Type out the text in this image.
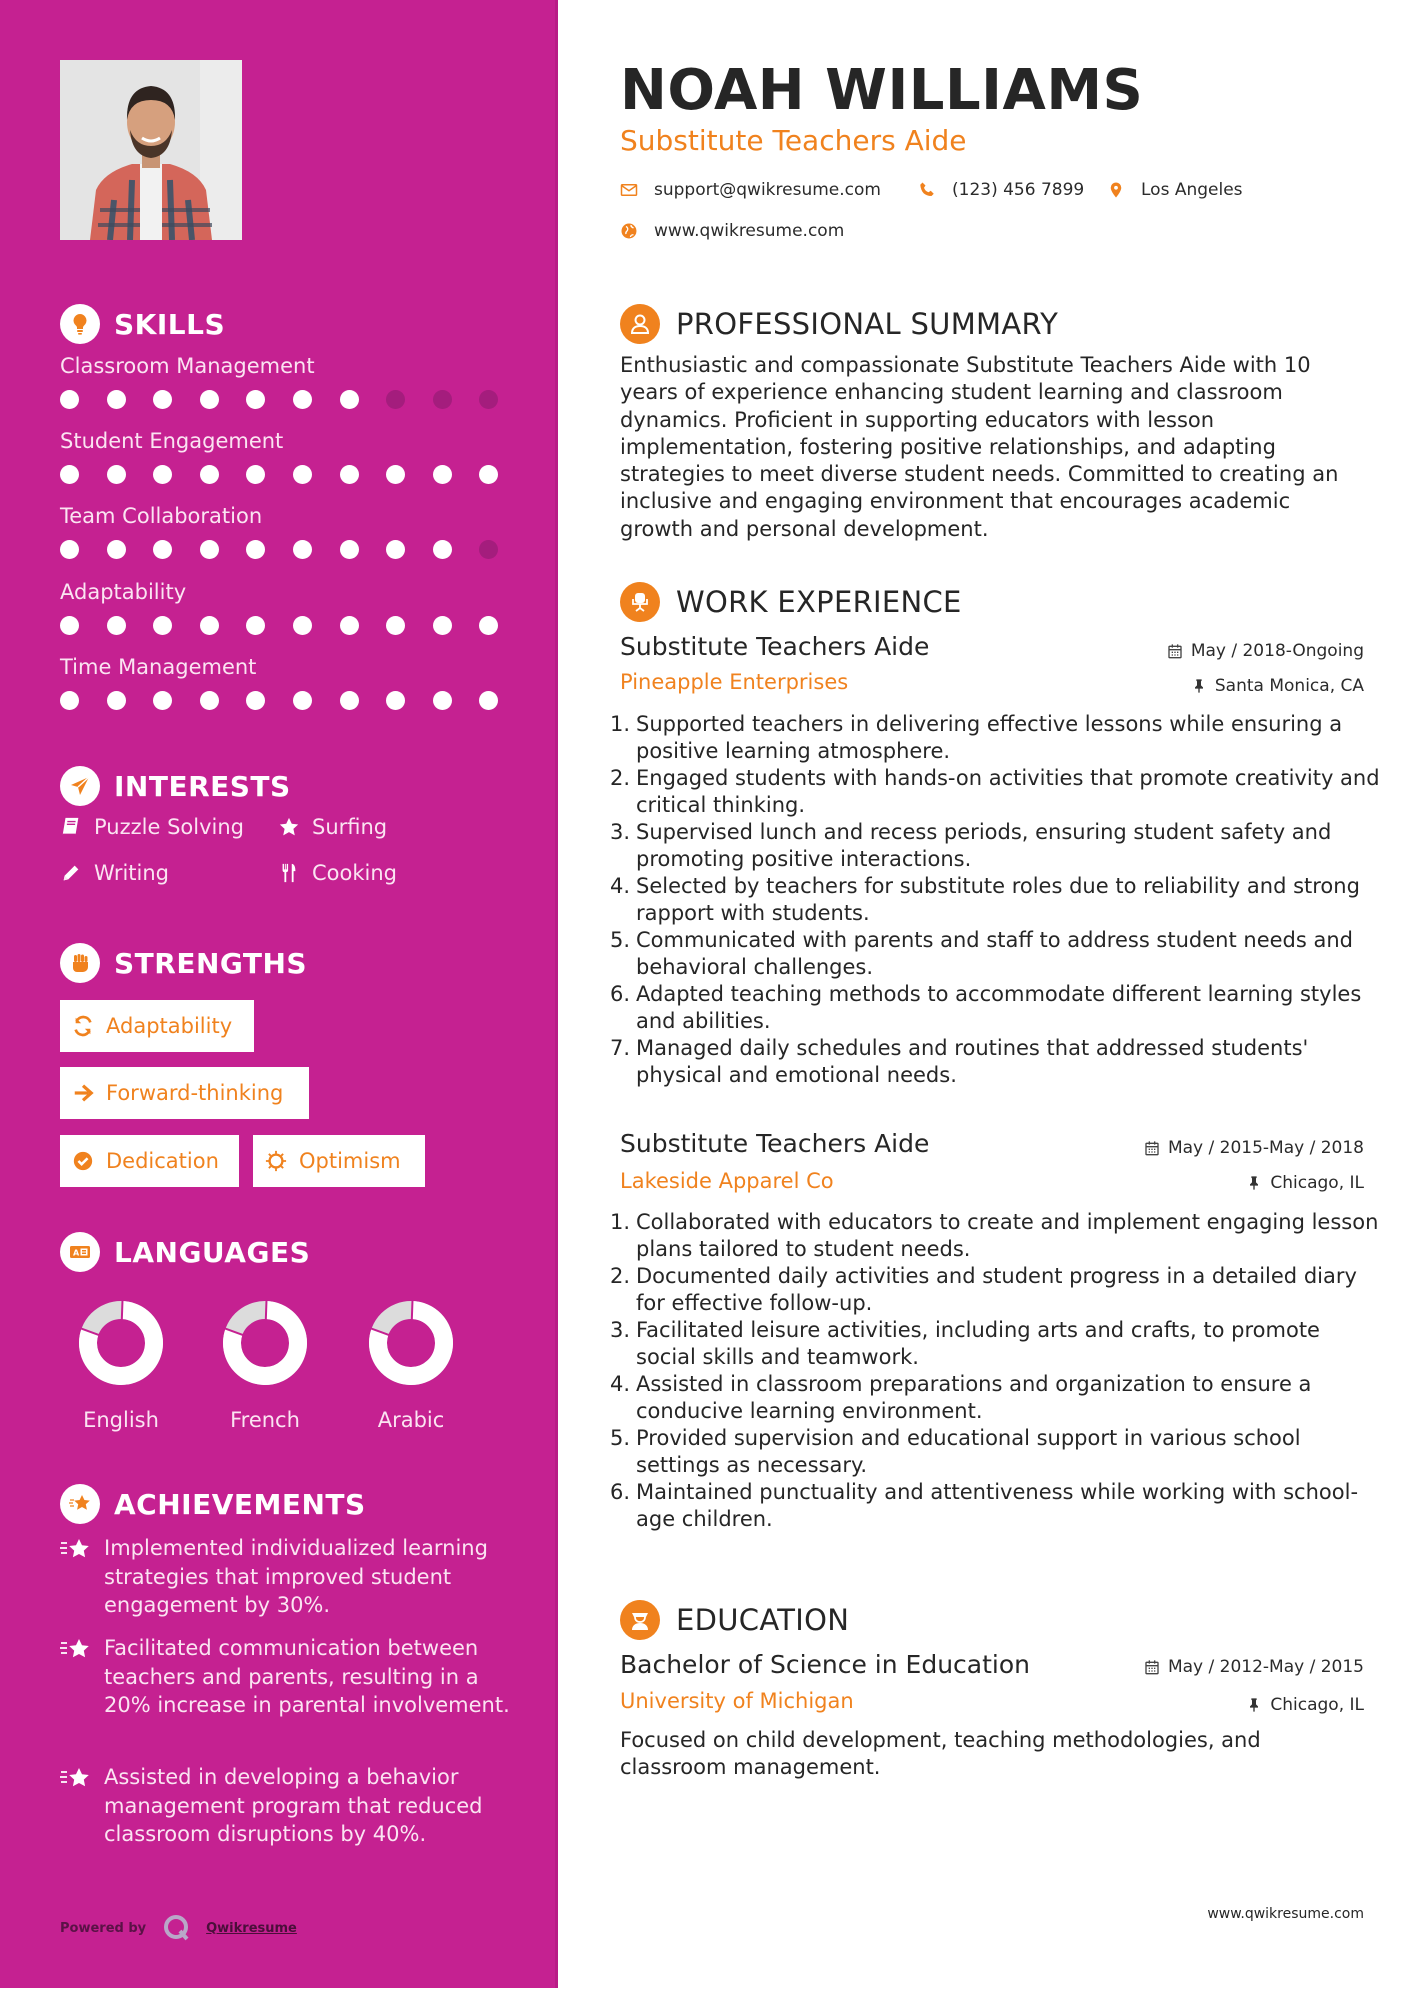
SKILLS
Classroom Management
Student Engagement
Team Collaboration
Adaptability
Time Management
INTERESTS
Puzzle Solving	Surfing
Writing	Cooking
STRENGTHS
Adaptability
Forward-thinking
Dedication	Optimism
A LANGUAGES
English	French	Arabic
ACHIEVEMENTS
Implemented individualized learning strategies that improved student engagement by 30%.
Facilitated communication between teachers and parents, resulting in a 20% increase in parental involvement.
Assisted in developing a behavior management program that reduced classroom disruptions by 40%.
Powered by	Qwikresume
NOAH WILLIAMS
Substitute Teachers Aide
support@qwikresume.com	(123) 456 7899	Los Angeles
www.qwikresume.com
PROFESSIONAL SUMMARY

Enthusiastic and compassionate Substitute Teachers Aide with 10 years of experience enhancing student learning and classroom dynamics. Proficient in supporting educators with lesson implementation, fostering positive relationships, and adapting strategies to meet diverse student needs. Committed to creating an inclusive and engaging environment that encourages academic growth and personal development.

WORK EXPERIENCE
Substitute Teachers Aide	May / 2018-Ongoing
Pineapple Enterprises	Santa Monica, CA
1. Supported teachers in delivering effective lessons while ensuring a positive learning atmosphere.
2. Engaged students with hands-on activities that promote creativity and critical thinking.
3. Supervised lunch and recess periods, ensuring student safety and promoting positive interactions.
4. Selected by teachers for substitute roles due to reliability and strong rapport with students.
5. Communicated with parents and staff to address student needs and behavioral challenges.
6. Adapted teaching methods to accommodate different learning styles and abilities.
7. Managed daily schedules and routines that addressed students' physical and emotional needs.
Substitute Teachers Aide	May / 2015-May / 2018
Lakeside Apparel Co	Chicago, IL
1. Collaborated with educators to create and implement engaging lesson plans tailored to student needs.
2. Documented daily activities and student progress in a detailed diary for effective follow-up.
3. Facilitated leisure activities, including arts and crafts, to promote social skills and teamwork.
4. Assisted in classroom preparations and organization to ensure a conducive learning environment.
5. Provided supervision and educational support in various school settings as necessary.
6. Maintained punctuality and attentiveness while working with school-age children.
EDUCATION
Bachelor of Science in Education	May / 2012-May / 2015
University of Michigan	Chicago, IL

Focused on child development, teaching methodologies, and classroom management.

www.qwikresume.com
